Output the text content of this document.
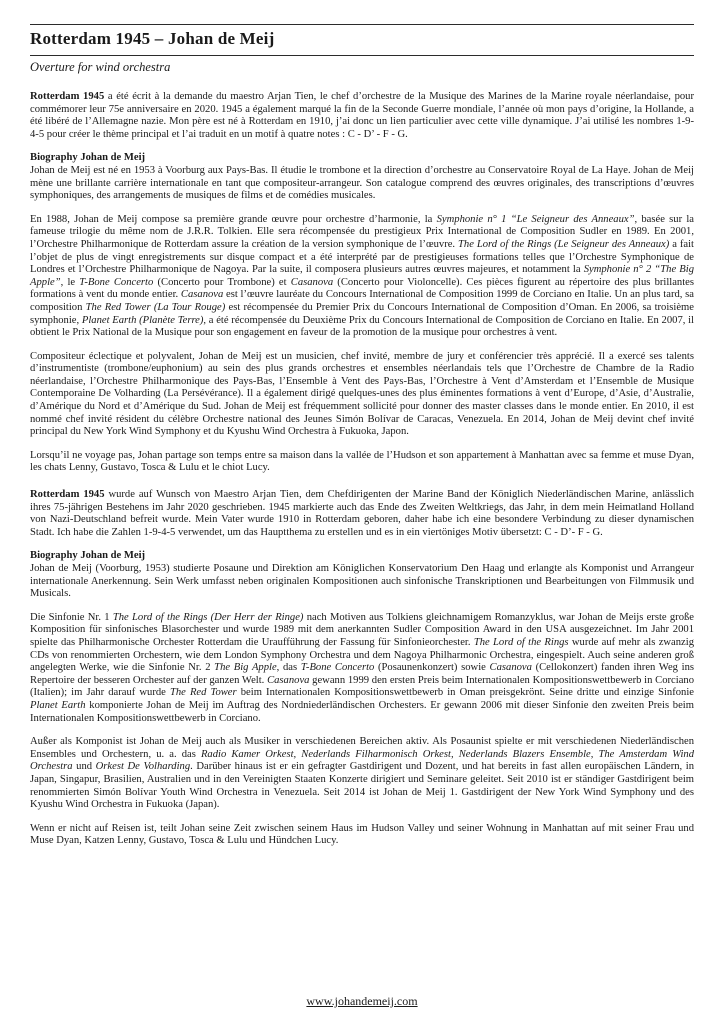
Rotterdam 1945 – Johan de Meij
Overture for wind orchestra

Rotterdam 1945 a été écrit à la demande du maestro Arjan Tien, le chef d’orchestre de la Musique des Marines de la Marine royale néerlandaise, pour commémorer leur 75e anniversaire en 2020. 1945 a également marqué la fin de la Seconde Guerre mondiale, l’année où mon pays d’origine, la Hollande, a été libéré de l’Allemagne nazie. Mon père est né à Rotterdam en 1910, j’ai donc un lien particulier avec cette ville dynamique. J’ai utilisé les nombres 1-9-4-5 pour créer le thème principal et l’ai traduit en un motif à quatre notes : C - D’ - F - G.

Biography Johan de Meij

Johan de Meij est né en 1953 à Voorburg aux Pays-Bas. Il étudie le trombone et la direction d’orchestre au Conservatoire Royal de La Haye. Johan de Meij mène une brillante carrière internationale en tant que compositeur-arrangeur. Son catalogue comprend des œuvres originales, des transcriptions d’œuvres symphoniques, des arrangements de musiques de films et de comédies musicales.

En 1988, Johan de Meij compose sa première grande œuvre pour orchestre d’harmonie, la Symphonie n° 1 “Le Seigneur des Anneaux”, basée sur la fameuse trilogie du même nom de J.R.R. Tolkien. Elle sera récompensée du prestigieux Prix International de Composition Sudler en 1989. En 2001, l’Orchestre Philharmonique de Rotterdam assure la création de la version symphonique de l’œuvre. The Lord of the Rings (Le Seigneur des Anneaux) a fait l’objet de plus de vingt enregistrements sur disque compact et a été interprété par de prestigieuses formations telles que l’Orchestre Symphonique de Londres et l’Orchestre Philharmonique de Nagoya. Par la suite, il composera plusieurs autres œuvres majeures, et notamment la Symphonie n° 2 “The Big Apple”, le T-Bone Concerto (Concerto pour Trombone) et Casanova (Concerto pour Violoncelle). Ces pièces figurent au répertoire des plus brillantes formations à vent du monde entier. Casanova est l’œuvre lauréate du Concours International de Composition 1999 de Corciano en Italie. Un an plus tard, sa composition The Red Tower (La Tour Rouge) est récompensée du Premier Prix du Concours International de Composition d’Oman. En 2006, sa troisième symphonie, Planet Earth (Planète Terre), a été récompensée du Deuxième Prix du Concours International de Composition de Corciano en Italie. En 2007, il obtient le Prix National de la Musique pour son engagement en faveur de la promotion de la musique pour orchestres à vent.

Compositeur éclectique et polyvalent, Johan de Meij est un musicien, chef invité, membre de jury et conférencier très apprécié. Il a exercé ses talents d’instrumentiste (trombone/euphonium) au sein des plus grands orchestres et ensembles néerlandais tels que l’Orchestre de Chambre de la Radio néerlandaise, l’Orchestre Philharmonique des Pays-Bas, l’Ensemble à Vent des Pays-Bas, l’Orchestre à Vent d’Amsterdam et l’Ensemble de Musique Contemporaine De Volharding (La Persévérance). Il a également dirigé quelques-unes des plus éminentes formations à vent d’Europe, d’Asie, d’Australie, d’Amérique du Nord et d’Amérique du Sud. Johan de Meij est fréquemment sollicité pour donner des master classes dans le monde entier. En 2010, il est nommé chef invité résident du célèbre Orchestre national des Jeunes Simón Bolívar de Caracas, Venezuela. En 2014, Johan de Meij devint chef invité principal du New York Wind Symphony et du Kyushu Wind Orchestra à Fukuoka, Japon.

Lorsqu’il ne voyage pas, Johan partage son temps entre sa maison dans la vallée de l’Hudson et son appartement à Manhattan avec sa femme et muse Dyan, les chats Lenny, Gustavo, Tosca & Lulu et le chiot Lucy.

Rotterdam 1945 wurde auf Wunsch von Maestro Arjan Tien, dem Chefdirigenten der Marine Band der Königlich Niederländischen Marine, anlässlich ihres 75-jährigen Bestehens im Jahr 2020 geschrieben. 1945 markierte auch das Ende des Zweiten Weltkriegs, das Jahr, in dem mein Heimatland Holland von Nazi-Deutschland befreit wurde. Mein Vater wurde 1910 in Rotterdam geboren, daher habe ich eine besondere Verbindung zu dieser dynamischen Stadt. Ich habe die Zahlen 1-9-4-5 verwendet, um das Hauptthema zu erstellen und es in ein viertöniges Motiv übersetzt: C - D’- F - G.

Biography Johan de Meij

Johan de Meij (Voorburg, 1953) studierte Posaune und Direktion am Königlichen Konservatorium Den Haag und erlangte als Komponist und Arrangeur internationale Anerkennung. Sein Werk umfasst neben originalen Kompositionen auch sinfonische Transkriptionen und Bearbeitungen von Filmmusik und Musicals.

Die Sinfonie Nr. 1 The Lord of the Rings (Der Herr der Ringe) nach Motiven aus Tolkiens gleichnamigem Romanzyklus, war Johan de Meijs erste große Komposition für sinfonisches Blasorchester und wurde 1989 mit dem anerkannten Sudler Composition Award in den USA ausgezeichnet. Im Jahr 2001 spielte das Philharmonische Orchester Rotterdam die Uraufführung der Fassung für Sinfonieorchester. The Lord of the Rings wurde auf mehr als zwanzig CDs von renommierten Orchestern, wie dem London Symphony Orchestra und dem Nagoya Philharmonic Orchestra, eingespielt. Auch seine anderen groß angelegten Werke, wie die Sinfonie Nr. 2 The Big Apple, das T-Bone Concerto (Posaunenkonzert) sowie Casanova (Cellokonzert) fanden ihren Weg ins Repertoire der besseren Orchester auf der ganzen Welt. Casanova gewann 1999 den ersten Preis beim Internationalen Kompositionswettbewerb in Corciano (Italien); im Jahr darauf wurde The Red Tower beim Internationalen Kompositionswettbewerb in Oman preisgekrönt. Seine dritte und einzige Sinfonie Planet Earth komponierte Johan de Meij im Auftrag des Nordniederländischen Orchesters. Er gewann 2006 mit dieser Sinfonie den zweiten Preis beim Internationalen Kompositionswettbewerb in Corciano.

Außer als Komponist ist Johan de Meij auch als Musiker in verschiedenen Bereichen aktiv. Als Posaunist spielte er mit verschiedenen Niederländischen Ensembles und Orchestern, u. a. das Radio Kamer Orkest, Nederlands Filharmonisch Orkest, Nederlands Blazers Ensemble, The Amsterdam Wind Orchestra und Orkest De Volharding. Darüber hinaus ist er ein gefragter Gastdirigent und Dozent, und hat bereits in fast allen europäischen Ländern, in Japan, Singapur, Brasilien, Australien und in den Vereinigten Staaten Konzerte dirigiert und Seminare geleitet. Seit 2010 ist er ständiger Gastdirigent beim renommierten Simón Bolívar Youth Wind Orchestra in Venezuela. Seit 2014 ist Johan de Meij 1. Gastdirigent der New York Wind Symphony und des Kyushu Wind Orchestra in Fukuoka (Japan).

Wenn er nicht auf Reisen ist, teilt Johan seine Zeit zwischen seinem Haus im Hudson Valley und seiner Wohnung in Manhattan auf mit seiner Frau und Muse Dyan, Katzen Lenny, Gustavo, Tosca & Lulu und Hündchen Lucy.

www.johandemeij.com
